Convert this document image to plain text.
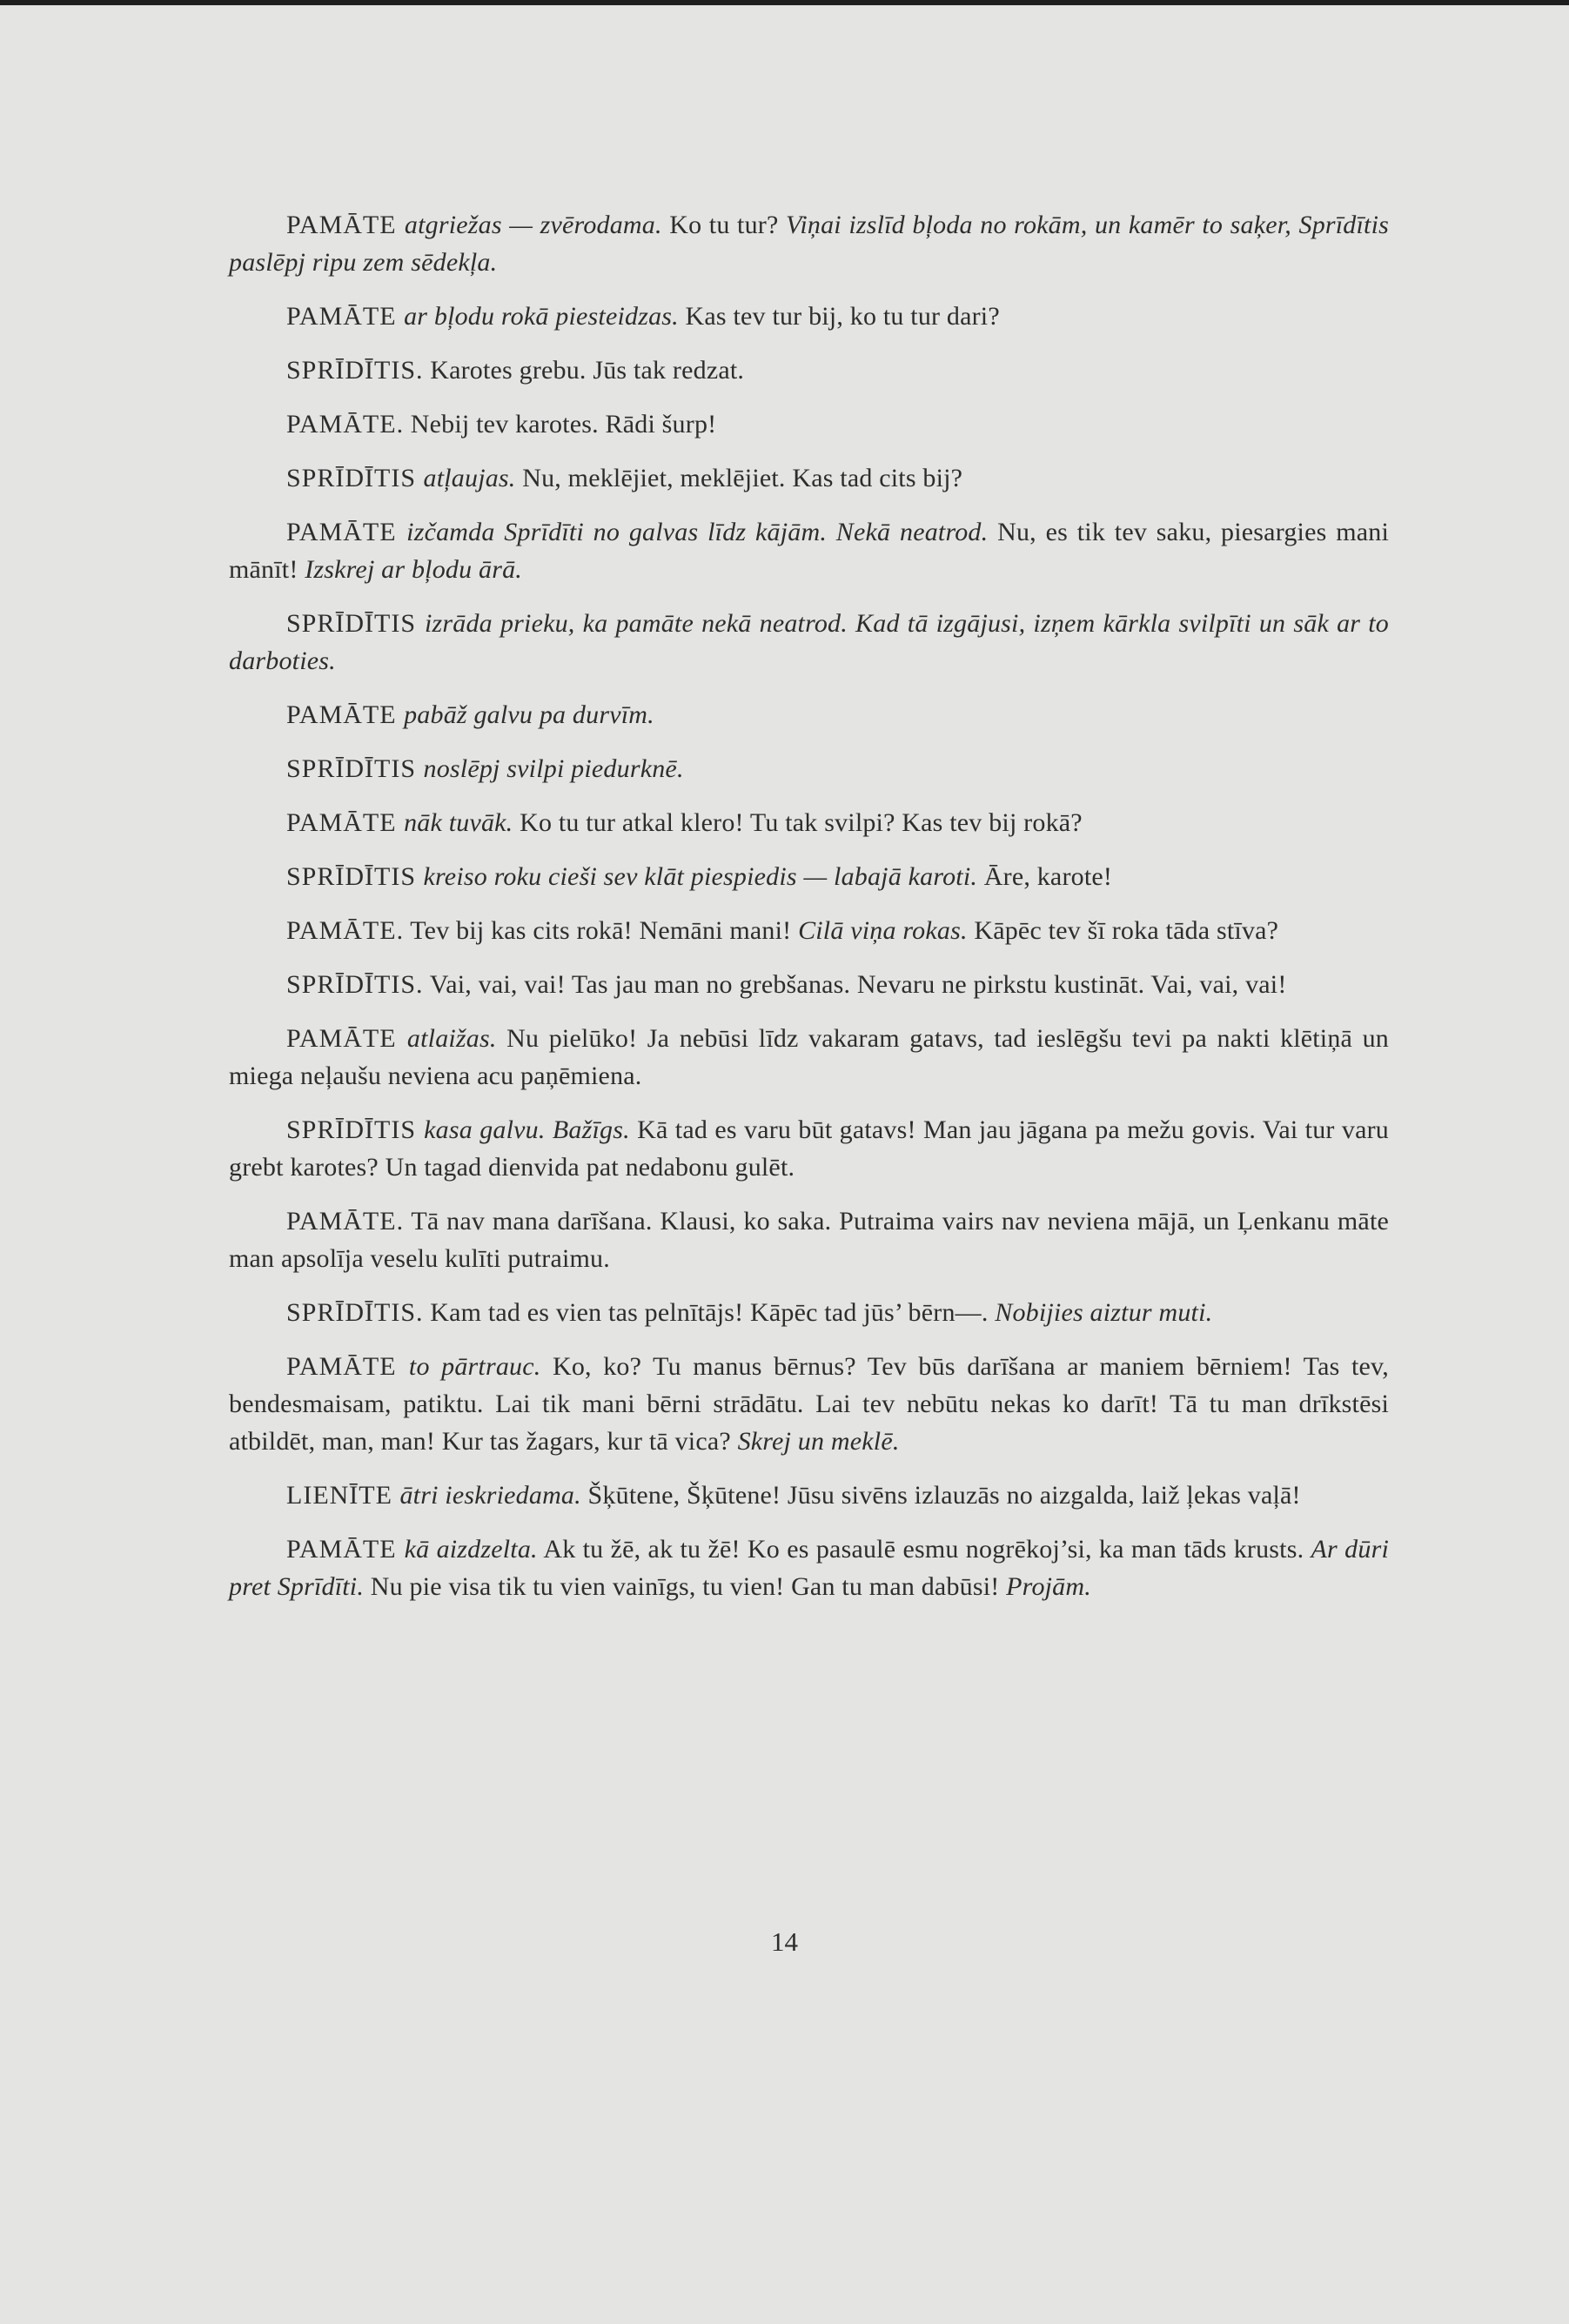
PAMĀTE atgriežas — zvērodama. Ko tu tur? Viņai izslīd bļoda no rokām, un kamēr to saķer, Sprīdītis paslēpj ripu zem sēdekļa.

PAMĀTE ar bļodu rokā piesteidzas. Kas tev tur bij, ko tu tur dari?

SPRĪDĪTIS. Karotes grebu. Jūs tak redzat.

PAMĀTE. Nebij tev karotes. Rādi šurp!

SPRĪDĪTIS atļaujas. Nu, meklējiet, meklējiet. Kas tad cits bij?

PAMĀTE izčamda Sprīdīti no galvas līdz kājām. Nekā neatrod. Nu, es tik tev saku, piesargies mani mānīt! Izskrej ar bļodu ārā.

SPRĪDĪTIS izrāda prieku, ka pamāte nekā neatrod. Kad tā izgājusi, izņem kārkla svilpīti un sāk ar to darboties.

PAMĀTE pabāž galvu pa durvīm.

SPRĪDĪTIS noslēpj svilpi piedurknē.

PAMĀTE nāk tuvāk. Ko tu tur atkal klero! Tu tak svilpi? Kas tev bij rokā?

SPRĪDĪTIS kreiso roku cieši sev klāt piespiedis — labajā karoti. Āre, karote!

PAMĀTE. Tev bij kas cits rokā! Nemāni mani! Cilā viņa rokas. Kāpēc tev šī roka tāda stīva?

SPRĪDĪTIS. Vai, vai, vai! Tas jau man no grebšanas. Nevaru ne pirkstu kustināt. Vai, vai, vai!

PAMĀTE atlaižas. Nu pielūko! Ja nebūsi līdz vakaram gatavs, tad ieslēgšu tevi pa nakti klētiņā un miega neļaušu neviena acu paņēmiena.

SPRĪDĪTIS kasa galvu. Bažīgs. Kā tad es varu būt gatavs! Man jau jāgana pa mežu govis. Vai tur varu grebt karotes? Un tagad dienvida pat nedabonu gulēt.

PAMĀTE. Tā nav mana darīšana. Klausi, ko saka. Putraima vairs nav neviena mājā, un Ļenkanu māte man apsolīja veselu kulīti putraimu.

SPRĪDĪTIS. Kam tad es vien tas pelnītājs! Kāpēc tad jūs’ bērn—. Nobijies aiztur muti.

PAMĀTE to pārtrauc. Ko, ko? Tu manus bērnus? Tev būs darīšana ar maniem bērniem! Tas tev, bendesmaisam, patiktu. Lai tik mani bērni strādātu. Lai tev nebūtu nekas ko darīt! Tā tu man drīkstēsi atbildēt, man, man! Kur tas žagars, kur tā vica? Skrej un meklē.

LIENĪTE ātri ieskriedama. Šķūtene, Šķūtene! Jūsu sivēns izlauzās no aizgalda, laiž ļekas vaļā!

PAMĀTE kā aizdzelta. Ak tu žē, ak tu žē! Ko es pasaulē esmu nogrēkoj’si, ka man tāds krusts. Ar dūri pret Sprīdīti. Nu pie visa tik tu vien vainīgs, tu vien! Gan tu man dabūsi! Projām.

14
